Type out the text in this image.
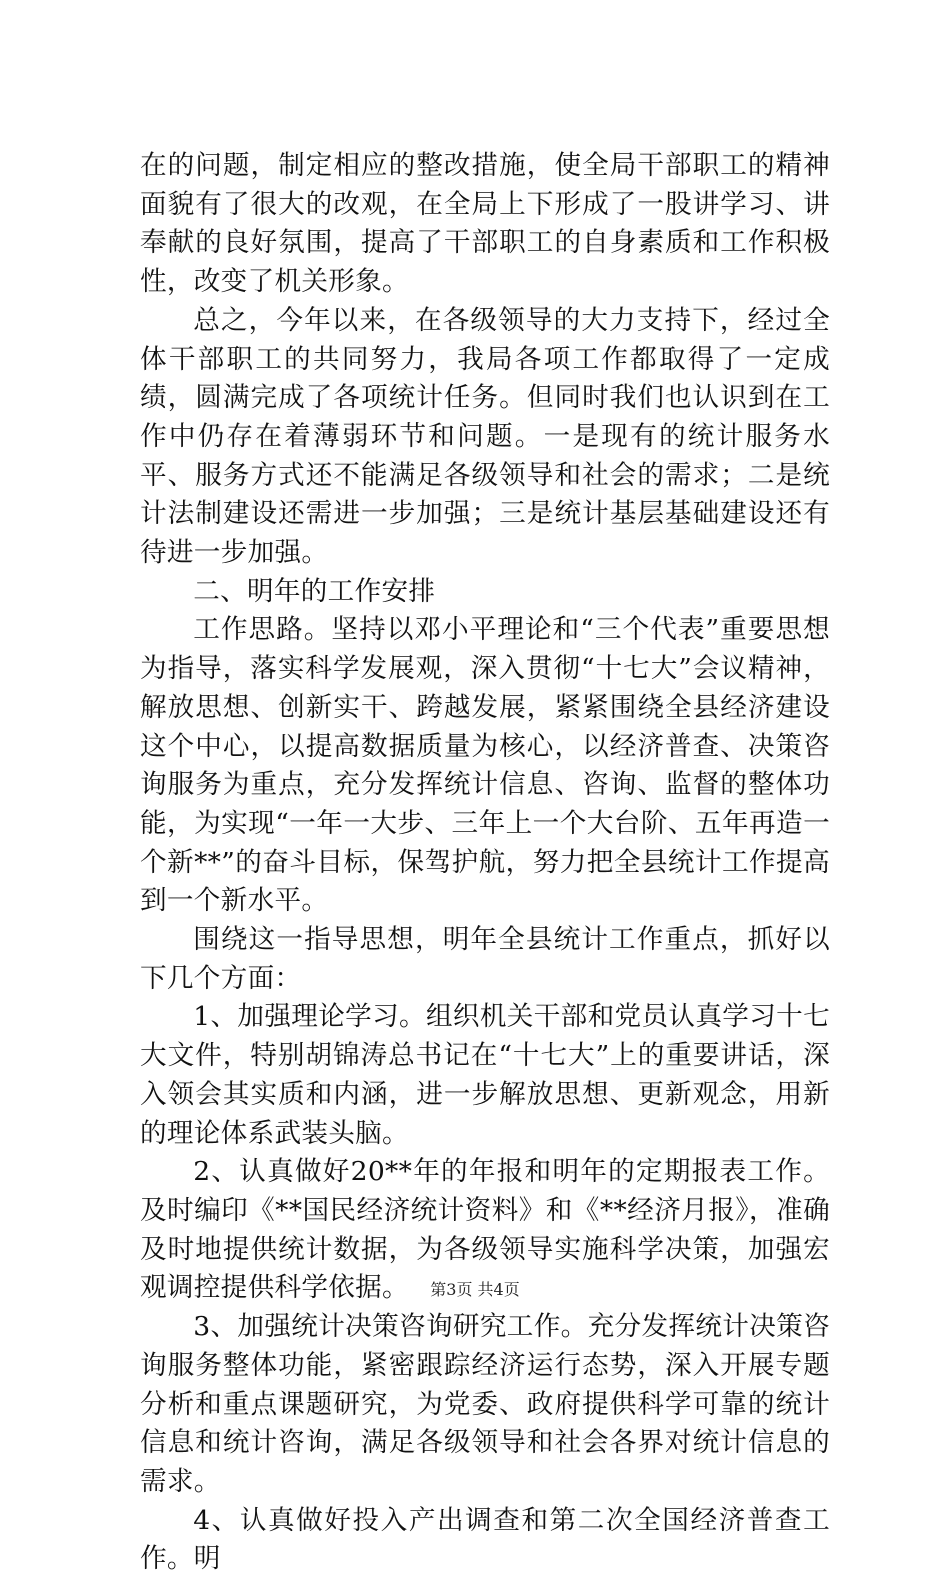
在的问题，制定相应的整改措施，使全局干部职工的精神面貌有了很大的改观，在全局上下形成了一股讲学习、讲奉献的良好氛围，提高了干部职工的自身素质和工作积极性，改变了机关形象。

总之，今年以来，在各级领导的大力支持下，经过全体干部职工的共同努力，我局各项工作都取得了一定成绩，圆满完成了各项统计任务。但同时我们也认识到在工作中仍存在着薄弱环节和问题。一是现有的统计服务水平、服务方式还不能满足各级领导和社会的需求；二是统计法制建设还需进一步加强；三是统计基层基础建设还有待进一步加强。

二、明年的工作安排

工作思路。坚持以邓小平理论和“三个代表”重要思想为指导，落实科学发展观，深入贯彻“十七大”会议精神，解放思想、创新实干、跨越发展，紧紧围绕全县经济建设这个中心，以提高数据质量为核心，以经济普查、决策咨询服务为重点，充分发挥统计信息、咨询、监督的整体功能，为实现“一年一大步、三年上一个大台阶、五年再造一个新**”的奋斗目标，保驾护航，努力把全县统计工作提高到一个新水平。

围绕这一指导思想，明年全县统计工作重点，抓好以下几个方面：

1、加强理论学习。组织机关干部和党员认真学习十七大文件，特别胡锦涛总书记在“十七大”上的重要讲话，深入领会其实质和内涵，进一步解放思想、更新观念，用新的理论体系武装头脑。

2、认真做好20**年的年报和明年的定期报表工作。及时编印《**国民经济统计资料》和《**经济月报》，准确及时地提供统计数据，为各级领导实施科学决策，加强宏观调控提供科学依据。

3、加强统计决策咨询研究工作。充分发挥统计决策咨询服务整体功能，紧密跟踪经济运行态势，深入开展专题分析和重点课题研究，为党委、政府提供科学可靠的统计信息和统计咨询，满足各级领导和社会各界对统计信息的需求。

4、认真做好投入产出调查和第二次全国经济普查工作。明

第3页 共4页
